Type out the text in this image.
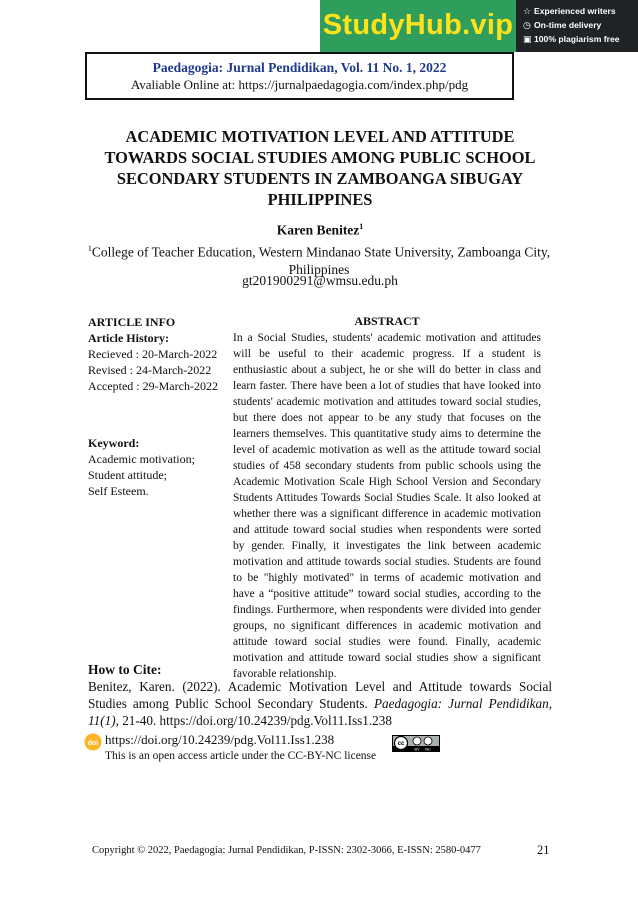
StudyHub.vip	☆ Experienced writers
◷ On-time delivery
▣ 100% plagiarism free
Paedagogia: Jurnal Pendidikan, Vol. 11 No. 1, 2022
Avaliable Online at: https://jurnalpaedagogia.com/index.php/pdg
ACADEMIC MOTIVATION LEVEL AND ATTITUDE
TOWARDS SOCIAL STUDIES AMONG PUBLIC SCHOOL
SECONDARY STUDENTS IN ZAMBOANGA SIBUGAY
PHILIPPINES
Karen Benitez$^1$
$^1$College of Teacher Education, Western Mindanao State University, Zamboanga City, Philippines
gt201900291@wmsu.edu.ph
ARTICLE INFO
Article History:
Recieved : 20-March-2022
Revised : 24-March-2022
Accepted : 29-March-2022
Keyword:
Academic motivation;
Student attitude;
Self Esteem.
ABSTRACT
In a Social Studies, students' academic motivation and attitudes will be useful to their academic progress. If a student is enthusiastic about a subject, he or she will do better in class and learn faster. There have been a lot of studies that have looked into students' academic motivation and attitudes toward social studies, but there does not appear to be any study that focuses on the learners themselves. This quantitative study aims to determine the level of academic motivation as well as the attitude toward social studies of 458 secondary students from public schools using the Academic Motivation Scale High School Version and Secondary Students Attitudes Towards Social Studies Scale. It also looked at whether there was a significant difference in academic motivation and attitude toward social studies when respondents were sorted by gender. Finally, it investigates the link between academic motivation and attitude towards social studies. Students are found to be "highly motivated" in terms of academic motivation and have a “positive attitude” toward social studies, according to the findings. Furthermore, when respondents were divided into gender groups, no significant differences in academic motivation and attitude toward social studies were found. Finally, academic motivation and attitude toward social studies show a significant favorable relationship.
How to Cite:
Benitez, Karen. (2022). Academic Motivation Level and Attitude towards Social Studies among Public School Secondary Students. Paedagogia: Jurnal Pendidikan, 11(1), 21-40. https://doi.org/10.24239/pdg.Vol11.Iss1.238
doi https://doi.org/10.24239/pdg.Vol11.Iss1.238
This is an open access article under the CC-BY-NC license
cc
BY NC
Copyright © 2022, Paedagogia: Jurnal Pendidikan, P-ISSN: 2302-3066, E-ISSN: 2580-0477	21
